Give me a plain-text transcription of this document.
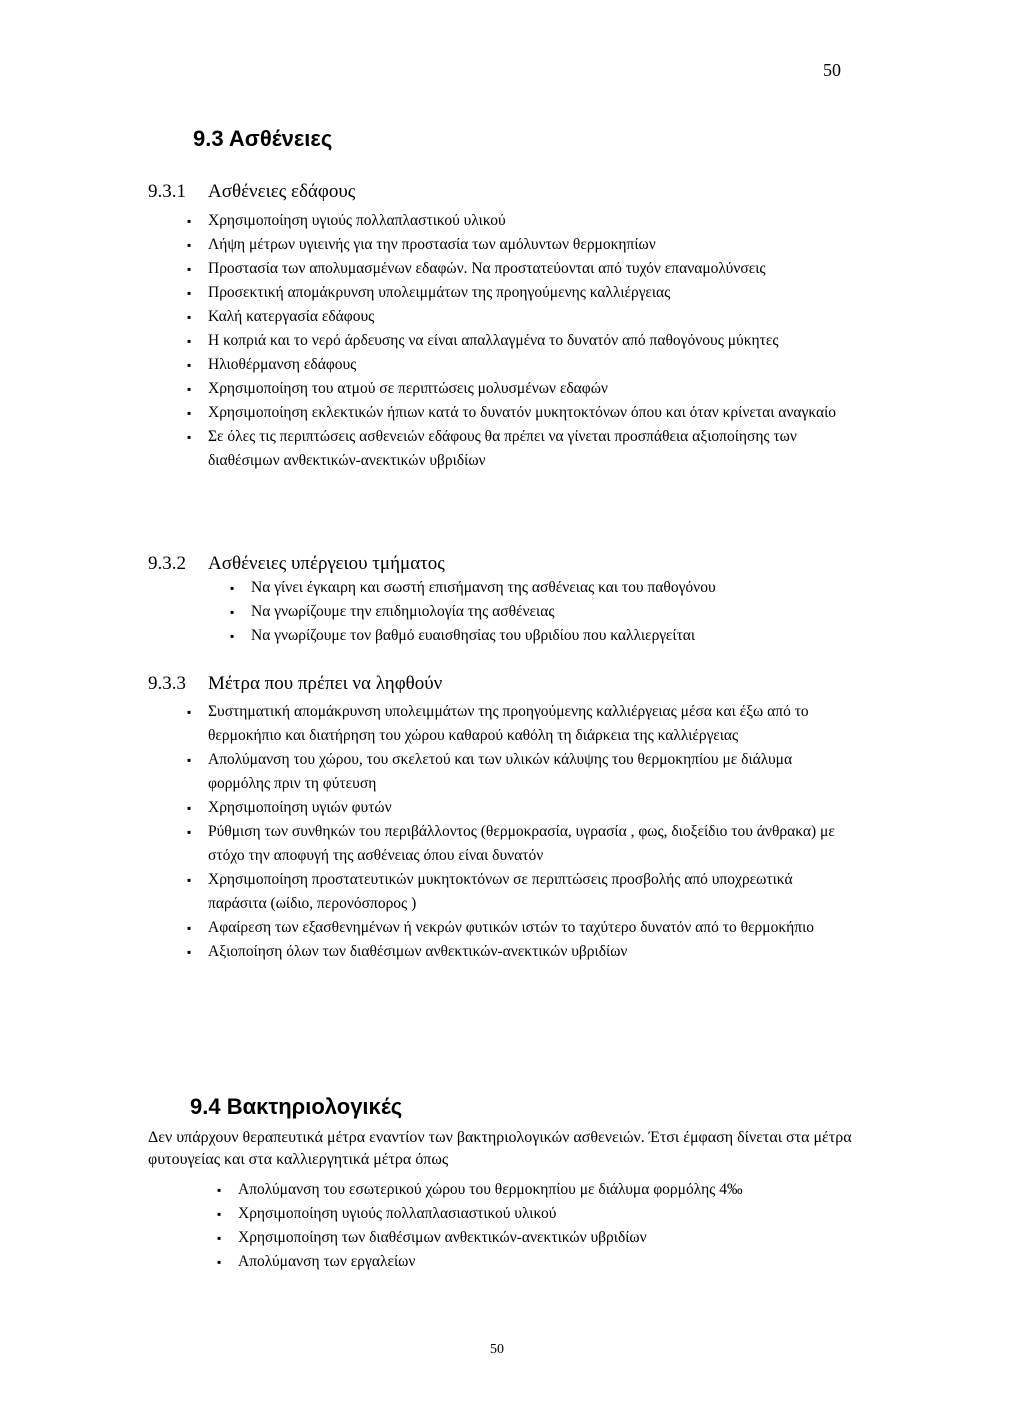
50
9.3 Ασθένειες
9.3.1 Ασθένειες εδάφους
▪ Χρησιμοποίηση υγιούς πολλαπλαστικού υλικού
▪ Λήψη μέτρων υγιεινής για την προστασία των αμόλυντων θερμοκηπίων
▪ Προστασία των απολυμασμένων εδαφών. Να προστατεύονται από τυχόν επαναμολύνσεις
▪ Προσεκτική απομάκρυνση υπολειμμάτων της προηγούμενης καλλιέργειας
▪ Καλή κατεργασία εδάφους
▪ Η κοπριά και το νερό άρδευσης να είναι απαλλαγμένα το δυνατόν από παθογόνους μύκητες
▪ Ηλιοθέρμανση εδάφους
▪ Χρησιμοποίηση του ατμού σε περιπτώσεις μολυσμένων εδαφών
▪ Χρησιμοποίηση εκλεκτικών ήπιων κατά το δυνατόν μυκητοκτόνων όπου και όταν κρίνεται αναγκαίο
▪ Σε όλες τις περιπτώσεις ασθενειών εδάφους θα πρέπει να γίνεται προσπάθεια αξιοποίησης των διαθέσιμων ανθεκτικών-ανεκτικών υβριδίων
9.3.2 Ασθένειες υπέργειου τμήματος
▪ Να γίνει έγκαιρη και σωστή επισήμανση της ασθένειας και του παθογόνου
▪ Να γνωρίζουμε την επιδημιολογία της ασθένειας
▪ Να γνωρίζουμε τον βαθμό ευαισθησίας του υβριδίου που καλλιεργείται
9.3.3 Μέτρα που πρέπει να ληφθούν
▪ Συστηματική απομάκρυνση υπολειμμάτων της προηγούμενης καλλιέργειας μέσα και έξω από το θερμοκήπιο και διατήρηση του χώρου καθαρού καθόλη τη διάρκεια της καλλιέργειας
▪ Απολύμανση του χώρου, του σκελετού και των υλικών κάλυψης του θερμοκηπίου με διάλυμα φορμόλης πριν τη φύτευση
▪ Χρησιμοποίηση υγιών φυτών
▪ Ρύθμιση των συνθηκών του περιβάλλοντος (θερμοκρασία, υγρασία , φως, διοξείδιο του άνθρακα) με στόχο την αποφυγή της ασθένειας όπου είναι δυνατόν
▪ Χρησιμοποίηση προστατευτικών μυκητοκτόνων σε περιπτώσεις προσβολής από υποχρεωτικά παράσιτα (ωίδιο, περονόσπορος )
▪ Αφαίρεση των εξασθενημένων ή νεκρών φυτικών ιστών το ταχύτερο δυνατόν από το θερμοκήπιο
▪ Αξιοποίηση όλων των διαθέσιμων ανθεκτικών-ανεκτικών υβριδίων
9.4 Βακτηριολογικές
Δεν υπάρχουν θεραπευτικά μέτρα εναντίον των βακτηριολογικών ασθενειών. Έτσι έμφαση δίνεται στα μέτρα φυτουγείας και στα καλλιεργητικά μέτρα όπως
▪ Απολύμανση του εσωτερικού χώρου του θερμοκηπίου με διάλυμα φορμόλης 4‰
▪ Χρησιμοποίηση υγιούς πολλαπλασιαστικού υλικού
▪ Χρησιμοποίηση των διαθέσιμων ανθεκτικών-ανεκτικών υβριδίων
▪ Απολύμανση των εργαλείων
50
